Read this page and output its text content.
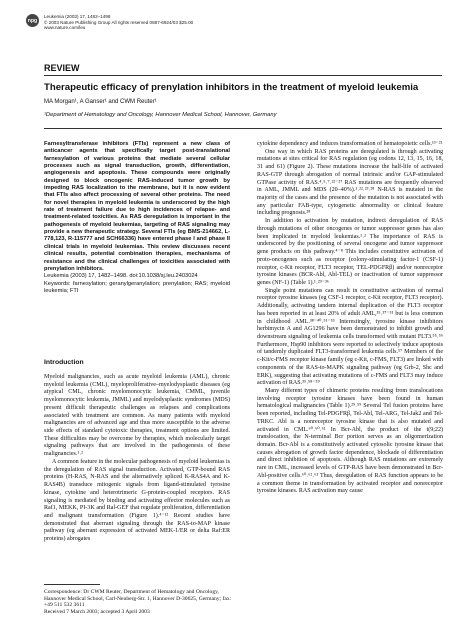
npg
Leukemia (2003) 17, 1482–1498
© 2003 Nature Publishing Group All rights reserved 0887-6924/03 $25.00
www.nature.com/leu
REVIEW
Therapeutic efficacy of prenylation inhibitors in the treatment of myeloid leukemia
MA Morgan¹, A Ganser¹ and CWM Reuter¹
¹Department of Hematology and Oncology, Hannover Medical School, Hannover, Germany

Farnesyltransferase inhibitors (FTIs) represent a new class of anticancer agents that specifically target post-translational farnesylation of various proteins that mediate several cellular processes such as signal transduction, growth, differentiation, angiogenesis and apoptosis. These compounds were originally designed to block oncogenic RAS-induced tumor growth by impeding RAS localization to the membrane, but it is now evident that FTIs also affect processing of several other proteins. The need for novel therapies in myeloid leukemia is underscored by the high rate of treatment failure due to high incidences of relapse- and treatment-related toxicities. As RAS deregulation is important in the pathogenesis of myeloid leukemias, targeting of RAS signaling may provide a new therapeutic strategy. Several FTIs (eg BMS-214662, L-778,123, R-115777 and SCH66336) have entered phase I and phase II clinical trials in myeloid leukemias. This review discusses recent clinical results, potential combination therapies, mechanisms of resistance and the clinical challenges of toxicities associated with prenylation inhibitors.

Leukemia (2003) 17, 1482–1498. doi:10.1038/sj.leu.2403024

Keywords: farnesylation; geranylgeranylation; prenylation; RAS; myeloid leukemia; FTI

Introduction

Myeloid malignancies, such as acute myeloid leukemia (AML), chronic myeloid leukemia (CML), myeloproliferative–myelodysplastic diseases (eg atypical CML, chronic myelomonocytic leukemia, CMML, juvenile myelomonocytic leukemia, JMML) and myelodysplastic syndromes (MDS) present difficult therapeutic challenges as relapses and complications associated with treatment are common. As many patients with myeloid malignancies are of advanced age and thus more susceptible to the adverse side effects of standard cytotoxic therapies, treatment options are limited. These difficulties may be overcome by therapies, which molecularly target signaling pathways that are involved in the pathogenesis of these malignancies.¹˒²

A common feature in the molecular pathogenesis of myeloid leukemias is the deregulation of RAS signal transduction. Activated, GTP-bound RAS proteins (H-RAS, N-RAS and the alternatively spliced K-RAS4A and K-RAS4B) transduce mitogenic signals from ligand-stimulated tyrosine kinase, cytokine and heterotrimeric G-protein-coupled receptors. RAS signaling is mediated by binding and activating effector molecules such as Raf1, MEKK, PI-3K and Ral-GEF that regulate proliferation, differentiation and malignant transformation (Figure 1).⁴⁻¹² Recent studies have demonstrated that aberrant signaling through the RAS-to-MAP kinase pathway (eg aberrant expression of activated MEK-1/ER or delta Raf:ER proteins) abrogates

cytokine dependency and induces transformation of hematopoietic cells.¹³⁻²¹

One way in which RAS proteins are deregulated is through activating mutations at sites critical for RAS regulation (eg codons 12, 13, 15, 16, 18, 31 and 61) (Figure 2). These mutations increase the half-life of activated RAS-GTP through abrogation of normal intrinsic and/or GAP-stimulated GTPase activity of RAS.⁴˒⁵˒⁷˒²²⁻²⁷ RAS mutations are frequently observed in AML, JMML and MDS (20–40%).¹˒²²˒²³˒²⁸ N-RAS is mutated in the majority of the cases and the presence of the mutation is not associated with any particular FAB-type, cytogenetic abnormality or clinical feature including prognosis.²⁸

In addition to activation by mutation, indirect deregulation of RAS through mutations of other oncogenes or tumor suppressor genes has also been implicated in myeloid leukemias.¹˒² The importance of RAS is underscored by the positioning of several oncogene and tumor suppressor gene products on this pathway.⁴⁻⁸ This includes constitutive activation of proto-oncogenes such as receptor (colony-stimulating factor-1 (CSF-1) receptor, c-Kit receptor, FLT3 receptor, TEL-PDGFRβ) and/or nonreceptor tyrosine kinases (BCR-Abl, Abl-TEL) or inactivation of tumor suppressor genes (NF-1) (Table 1).¹˒²⁹⁻³⁶

Single point mutations can result in constitutive activation of normal receptor tyrosine kinases (eg CSF-1 receptor, c-Kit receptor, FLT3 receptor). Additionally, activating tandem internal duplication of the FLT3 receptor has been reported in at least 20% of adult AML,³⁵˒³⁷⁻⁵¹ but is less common in childhood AML.³⁸⁻⁴⁰˒⁵¹⁻⁵³ Interestingly, tyrosine kinase inhibitors herbimycin A and AG1296 have been demonstrated to inhibit growth and downstream signaling of leukemia cells transformed with mutant FLT3.⁵⁵˒⁵⁶ Furthermore, Hsp90 inhibitors were reported to selectively induce apoptosis of tandemly duplicated FLT3-transformed leukemia cells.⁵⁷ Members of the c-Kit/c-FMS receptor kinase family (eg c-Kit, c-FMS, FLT3) are linked with components of the RAS-to-MAPK signaling pathway (eg Grb-2, Shc and ERK), suggesting that activating mutations of c-FMS and FLT3 may induce activation of RAS.³⁵˒⁵⁸⁻⁵⁹

Many different types of chimeric proteins resulting from translocations involving receptor tyrosine kinases have been found in human hematological malignancies (Table 1).²⁹˒⁵⁹ Several Tel fusion proteins have been reported, including Tel-PDGFRβ, Tel-Abl, Tel-ARG, Tel-Jak2 and Tel-TRKC. Abl is a nonreceptor tyrosine kinase that is also mutated and activated in CML.⁶⁰˒⁶⁰˒⁶¹ In Bcr-Abl, the product of the t(9;22) translocation, the N-terminal Bcr portion serves as an oligomerization domain. Bcr-Abl is a constitutively activated cytosolic tyrosine kinase that causes abrogation of growth factor dependence, blockade of differentiation and direct inhibition of apoptosis. Although RAS mutations are extremely rare in CML, increased levels of GTP-RAS have been demonstrated in Bcr-Abl-positive cells.⁶⁰˒⁶²˒⁶³ Thus, deregulation of RAS function appears to be a common theme in transformation by activated receptor and nonreceptor tyrosine kinases. RAS activation may cause

Correspondence: Dr CWM Reuter, Department of Hematology and Oncology, Hannover Medical School, Carl-Neuberg-Str. 1, Hannover D-30625, Germany; fax: +49 511 532 3611
Received 7 March 2003; accepted 3 April 2003
